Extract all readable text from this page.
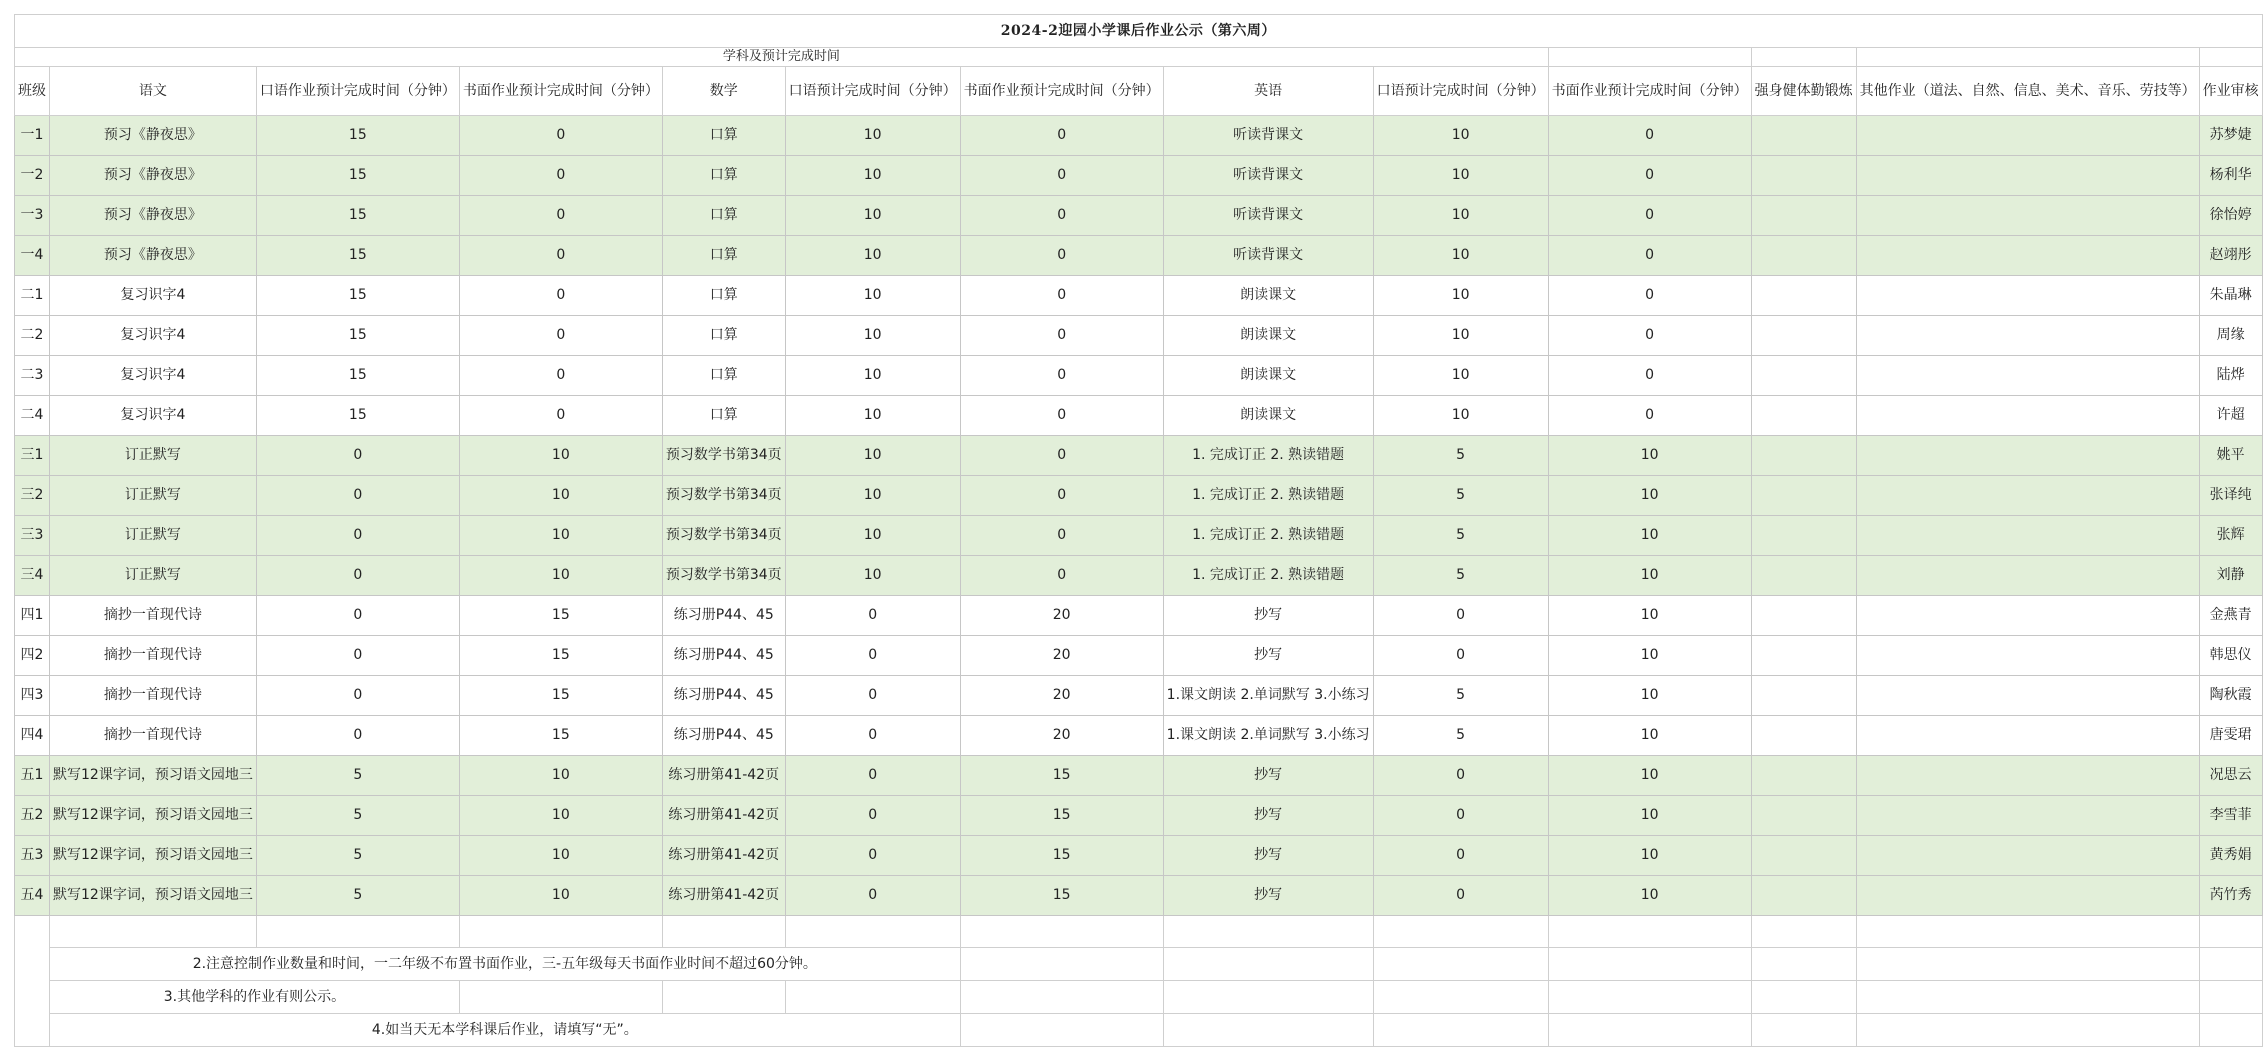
2024-2迎园小学课后作业公示（第六周）												
学科及预计完成时间												
班级	语文	口语作业预计完成时间（分钟）	书面作业预计完成时间（分钟）	数学	口语预计完成时间（分钟）	书面作业预计完成时间（分钟）	英语	口语预计完成时间（分钟）	书面作业预计完成时间（分钟）	强身健体勤锻炼	其他作业（道法、自然、信息、美术、音乐、劳技等）	作业审核
一1	预习《静夜思》	15	0	口算	10	0	听读背课文	10	0			苏梦婕
一2	预习《静夜思》	15	0	口算	10	0	听读背课文	10	0			杨利华
一3	预习《静夜思》	15	0	口算	10	0	听读背课文	10	0			徐怡婷
一4	预习《静夜思》	15	0	口算	10	0	听读背课文	10	0			赵翊彤
二1	复习识字4	15	0	口算	10	0	朗读课文	10	0			朱晶琳
二2	复习识字4	15	0	口算	10	0	朗读课文	10	0			周缘
二3	复习识字4	15	0	口算	10	0	朗读课文	10	0			陆烨
二4	复习识字4	15	0	口算	10	0	朗读课文	10	0			许超
三1	订正默写	0	10	预习数学书第34页	10	0	1. 完成订正 2. 熟读错题	5	10			姚平
三2	订正默写	0	10	预习数学书第34页	10	0	1. 完成订正 2. 熟读错题	5	10			张译纯
三3	订正默写	0	10	预习数学书第34页	10	0	1. 完成订正 2. 熟读错题	5	10			张辉
三4	订正默写	0	10	预习数学书第34页	10	0	1. 完成订正 2. 熟读错题	5	10			刘静
四1	摘抄一首现代诗	0	15	练习册P44、45	0	20	抄写	0	10			金燕青
四2	摘抄一首现代诗	0	15	练习册P44、45	0	20	抄写	0	10			韩思仪
四3	摘抄一首现代诗	0	15	练习册P44、45	0	20	1.课文朗读 2.单词默写 3.小练习	5	10			陶秋霞
四4	摘抄一首现代诗	0	15	练习册P44、45	0	20	1.课文朗读 2.单词默写 3.小练习	5	10			唐雯珺
五1	默写12课字词，预习语文园地三	5	10	练习册第41-42页	0	15	抄写	0	10			况思云
五2	默写12课字词，预习语文园地三	5	10	练习册第41-42页	0	15	抄写	0	10			李雪菲
五3	默写12课字词，预习语文园地三	5	10	练习册第41-42页	0	15	抄写	0	10			黄秀娟
五4	默写12课字词，预习语文园地三	5	10	练习册第41-42页	0	15	抄写	0	10			芮竹秀

	2.注意控制作业数量和时间，一二年级不布置书面作业，三-五年级每天书面作业时间不超过60分钟。											
	3.其他学科的作业有则公示。											
	4.如当天无本学科课后作业，请填写“无”。											
